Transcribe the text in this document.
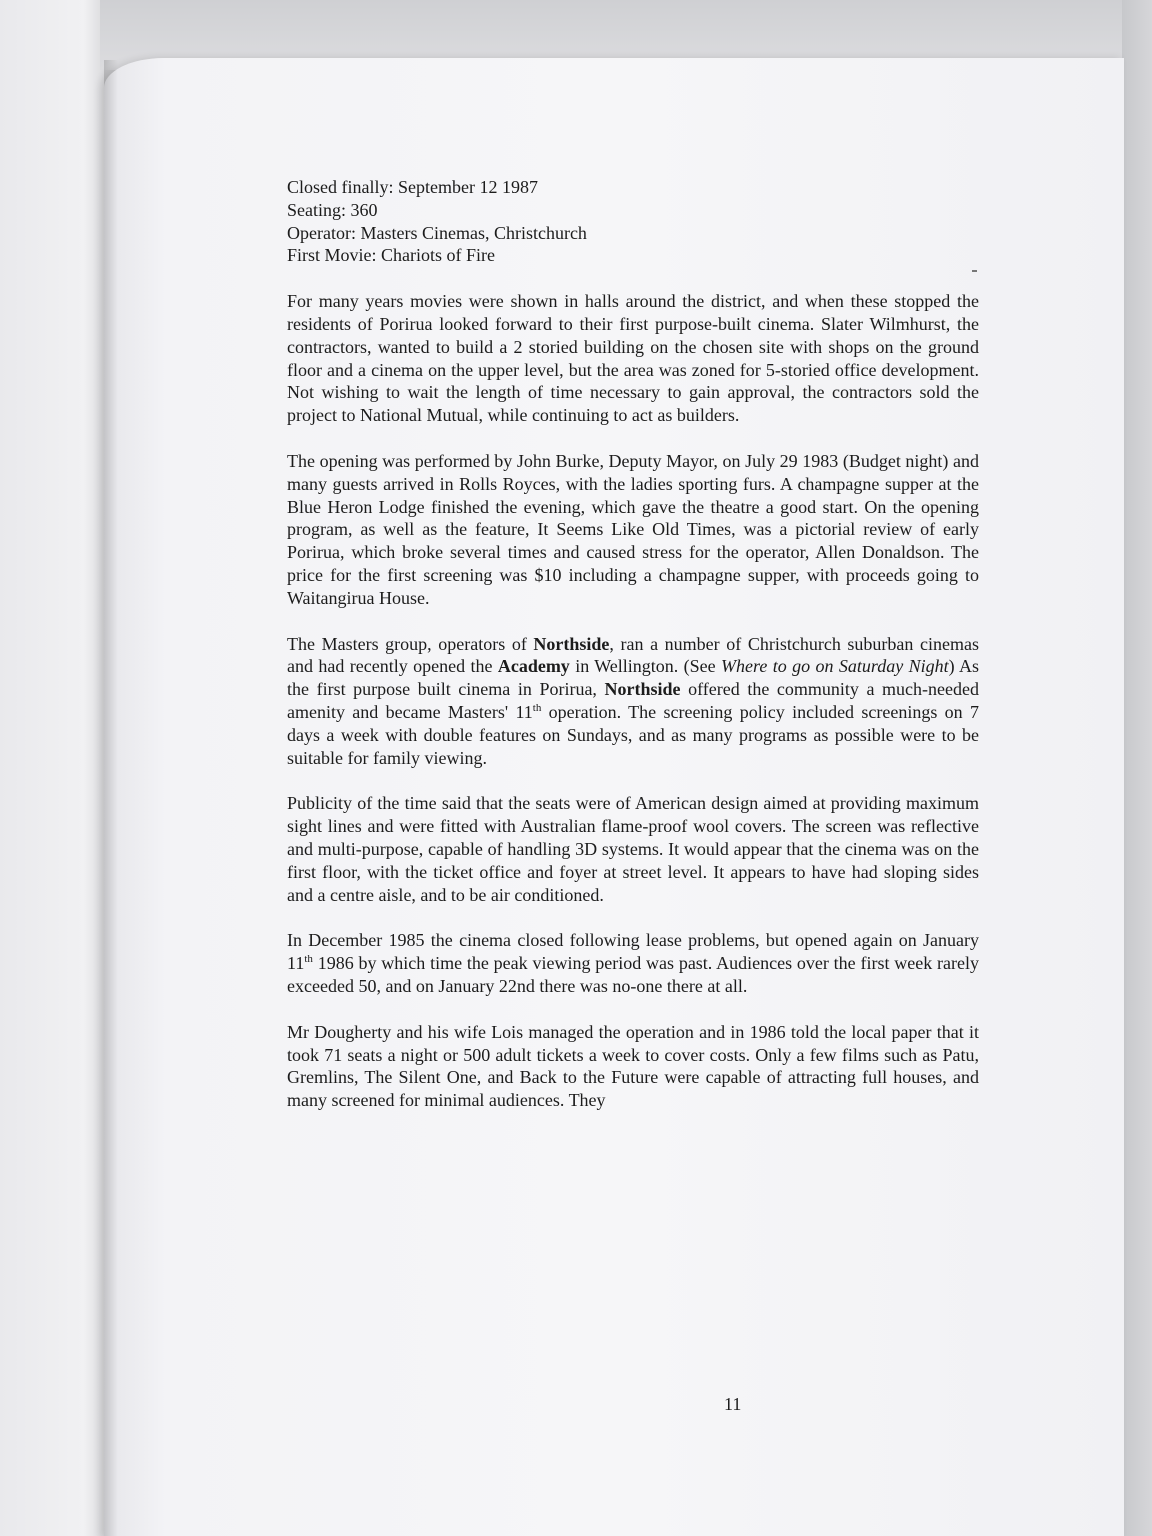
11
Closed finally: September 12 1987
Seating: 360
Operator: Masters Cinemas, Christchurch
First Movie: Chariots of Fire

For many years movies were shown in halls around the district, and when these stopped the residents of Porirua looked forward to their first purpose-built cinema. Slater Wilmhurst, the contractors, wanted to build a 2 storied building on the chosen site with shops on the ground floor and a cinema on the upper level, but the area was zoned for 5-storied office development. Not wishing to wait the length of time necessary to gain approval, the contractors sold the project to National Mutual, while continuing to act as builders.

The opening was performed by John Burke, Deputy Mayor, on July 29 1983 (Budget night) and many guests arrived in Rolls Royces, with the ladies sporting furs. A champagne supper at the Blue Heron Lodge finished the evening, which gave the theatre a good start. On the opening program, as well as the feature, It Seems Like Old Times, was a pictorial review of early Porirua, which broke several times and caused stress for the operator, Allen Donaldson. The price for the first screening was $10 including a champagne supper, with proceeds going to Waitangirua House.

The Masters group, operators of Northside, ran a number of Christchurch suburban cinemas and had recently opened the Academy in Wellington. (See Where to go on Saturday Night) As the first purpose built cinema in Porirua, Northside offered the community a much-needed amenity and became Masters' 11th operation. The screening policy included screenings on 7 days a week with double features on Sundays, and as many programs as possible were to be suitable for family viewing.

Publicity of the time said that the seats were of American design aimed at providing maximum sight lines and were fitted with Australian flame-proof wool covers. The screen was reflective and multi-purpose, capable of handling 3D systems. It would appear that the cinema was on the first floor, with the ticket office and foyer at street level. It appears to have had sloping sides and a centre aisle, and to be air conditioned.

In December 1985 the cinema closed following lease problems, but opened again on January 11th 1986 by which time the peak viewing period was past. Audiences over the first week rarely exceeded 50, and on January 22nd there was no-one there at all.

Mr Dougherty and his wife Lois managed the operation and in 1986 told the local paper that it took 71 seats a night or 500 adult tickets a week to cover costs. Only a few films such as Patu, Gremlins, The Silent One, and Back to the Future were capable of attracting full houses, and many screened for minimal audiences. They
